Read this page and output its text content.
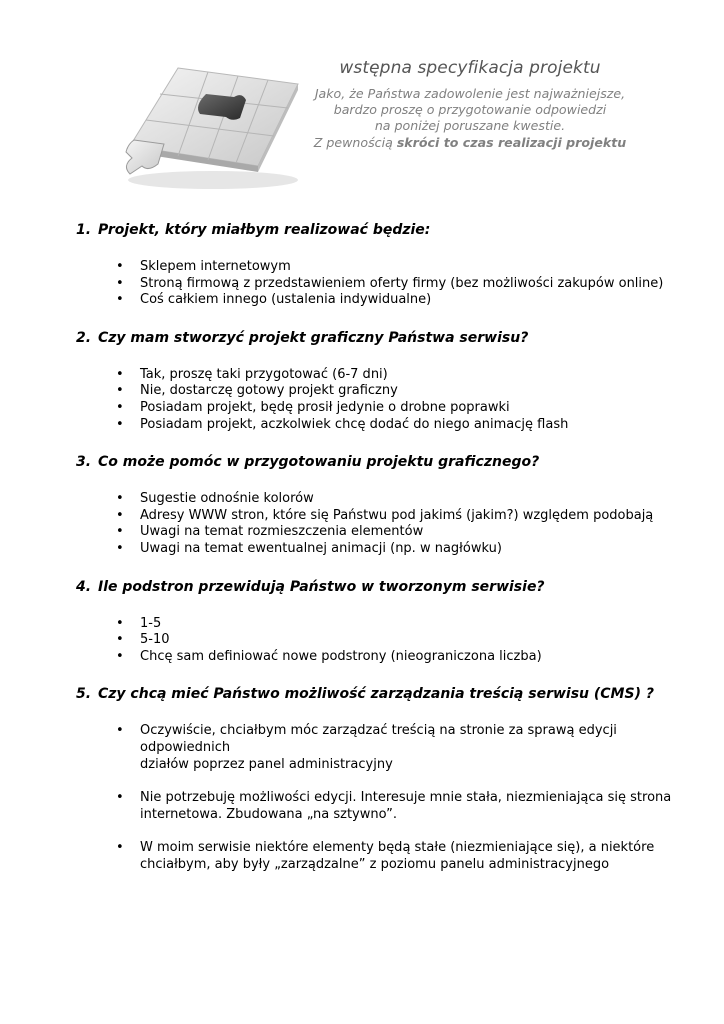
wstępna specyfikacja projektu

Jako, że Państwa zadowolenie jest najważniejsze,

bardzo proszę o przygotowanie odpowiedzi

na poniżej poruszane kwestie.

Z pewnością skróci to czas realizacji projektu

1. Projekt, który miałbym realizować będzie:

• Sklepem internetowym
• Stroną firmową z przedstawieniem oferty firmy (bez możliwości zakupów online)
• Coś całkiem innego (ustalenia indywidualne)

2. Czy mam stworzyć projekt graficzny Państwa serwisu?

• Tak, proszę taki przygotować (6-7 dni)
• Nie, dostarczę gotowy projekt graficzny
• Posiadam projekt, będę prosił jedynie o drobne poprawki
• Posiadam projekt, aczkolwiek chcę dodać do niego animację flash

3. Co może pomóc w przygotowaniu projektu graficznego?

• Sugestie odnośnie kolorów
• Adresy WWW stron, które się Państwu pod jakimś (jakim?) względem podobają
• Uwagi na temat rozmieszczenia elementów
• Uwagi na temat ewentualnej animacji (np. w nagłówku)

4. Ile podstron przewidują Państwo w tworzonym serwisie?

• 1-5
• 5-10
• Chcę sam definiować nowe podstrony (nieograniczona liczba)

5. Czy chcą mieć Państwo możliwość zarządzania treścią serwisu (CMS) ?

• Oczywiście, chciałbym móc zarządzać treścią na stronie za sprawą edycji odpowiednich
działów poprzez panel administracyjny
• Nie potrzebuję możliwości edycji. Interesuje mnie stała, niezmieniająca się strona
internetowa. Zbudowana „na sztywno”.
• W moim serwisie niektóre elementy będą stałe (niezmieniające się), a niektóre
chciałbym, aby były „zarządzalne” z poziomu panelu administracyjnego
